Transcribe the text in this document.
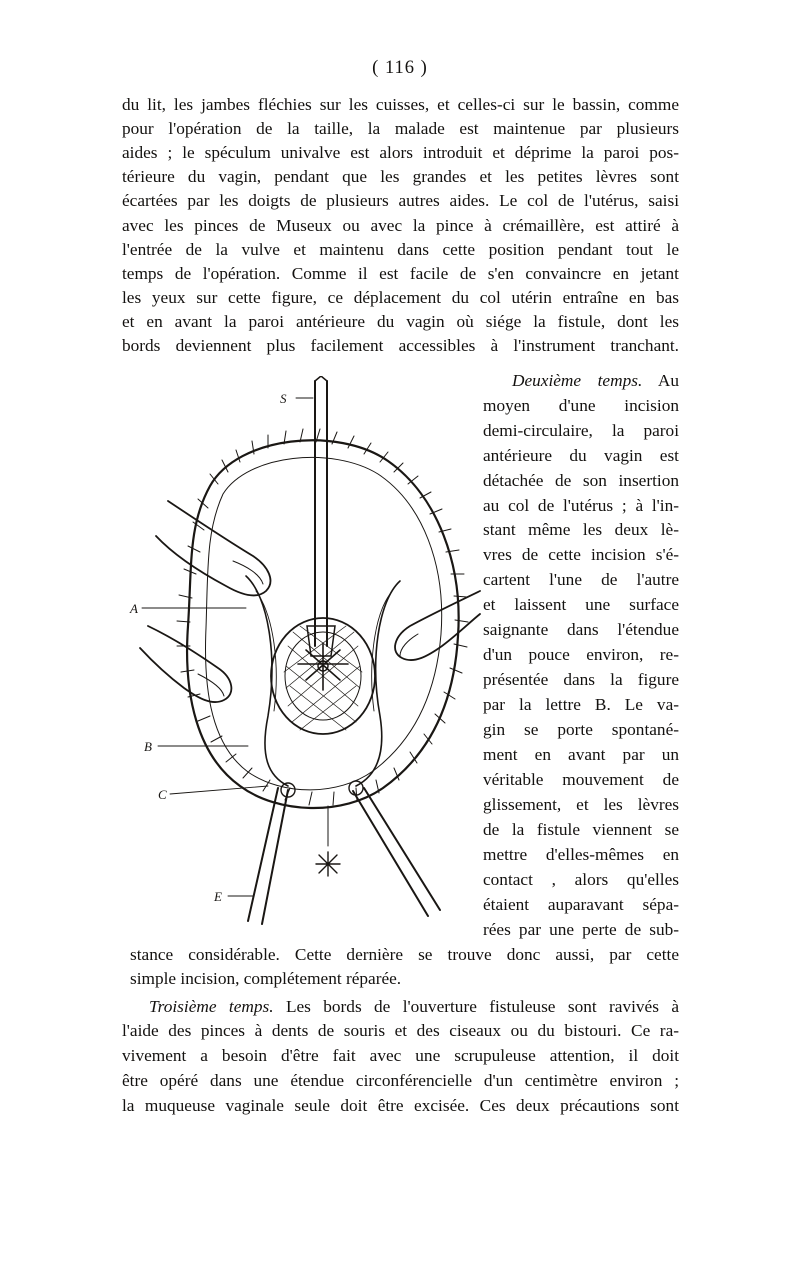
( 116 )
du lit, les jambes fléchies sur les cuisses, et celles-ci sur le bassin, comme
pour l'opération de la taille, la malade est maintenue par plusieurs
aides ; le spéculum univalve est alors introduit et déprime la paroi pos-
térieure du vagin, pendant que les grandes et les petites lèvres sont
écartées par les doigts de plusieurs autres aides. Le col de l'utérus, saisi
avec les pinces de Museux ou avec la pince à crémaillère, est attiré à
l'entrée de la vulve et maintenu dans cette position pendant tout le
temps de l'opération. Comme il est facile de s'en convaincre en jetant
les yeux sur cette figure, ce déplacement du col utérin entraîne en bas
et en avant la paroi antérieure du vagin où siége la fistule, dont les
bords deviennent plus facilement accessibles à l'instrument tranchant.
S
A
B
C
E
Deuxième temps. Au
moyen d'une incision
demi-circulaire, la paroi
antérieure du vagin est
détachée de son insertion
au col de l'utérus ; à l'in-
stant même les deux lè-
vres de cette incision s'é-
cartent l'une de l'autre
et laissent une surface
saignante dans l'étendue
d'un pouce environ, re-
présentée dans la figure
par la lettre B. Le va-
gin se porte spontané-
ment en avant par un
véritable mouvement de
glissement, et les lèvres
de la fistule viennent se
mettre d'elles-mêmes en
contact , alors qu'elles
étaient auparavant sépa-
rées par une perte de sub-
stance considérable. Cette dernière se trouve donc aussi, par cette
simple incision, complétement réparée.
Troisième temps. Les bords de l'ouverture fistuleuse sont ravivés à
l'aide des pinces à dents de souris et des ciseaux ou du bistouri. Ce ra-
vivement a besoin d'être fait avec une scrupuleuse attention, il doit
être opéré dans une étendue circonférencielle d'un centimètre environ ;
la muqueuse vaginale seule doit être excisée. Ces deux précautions sont
